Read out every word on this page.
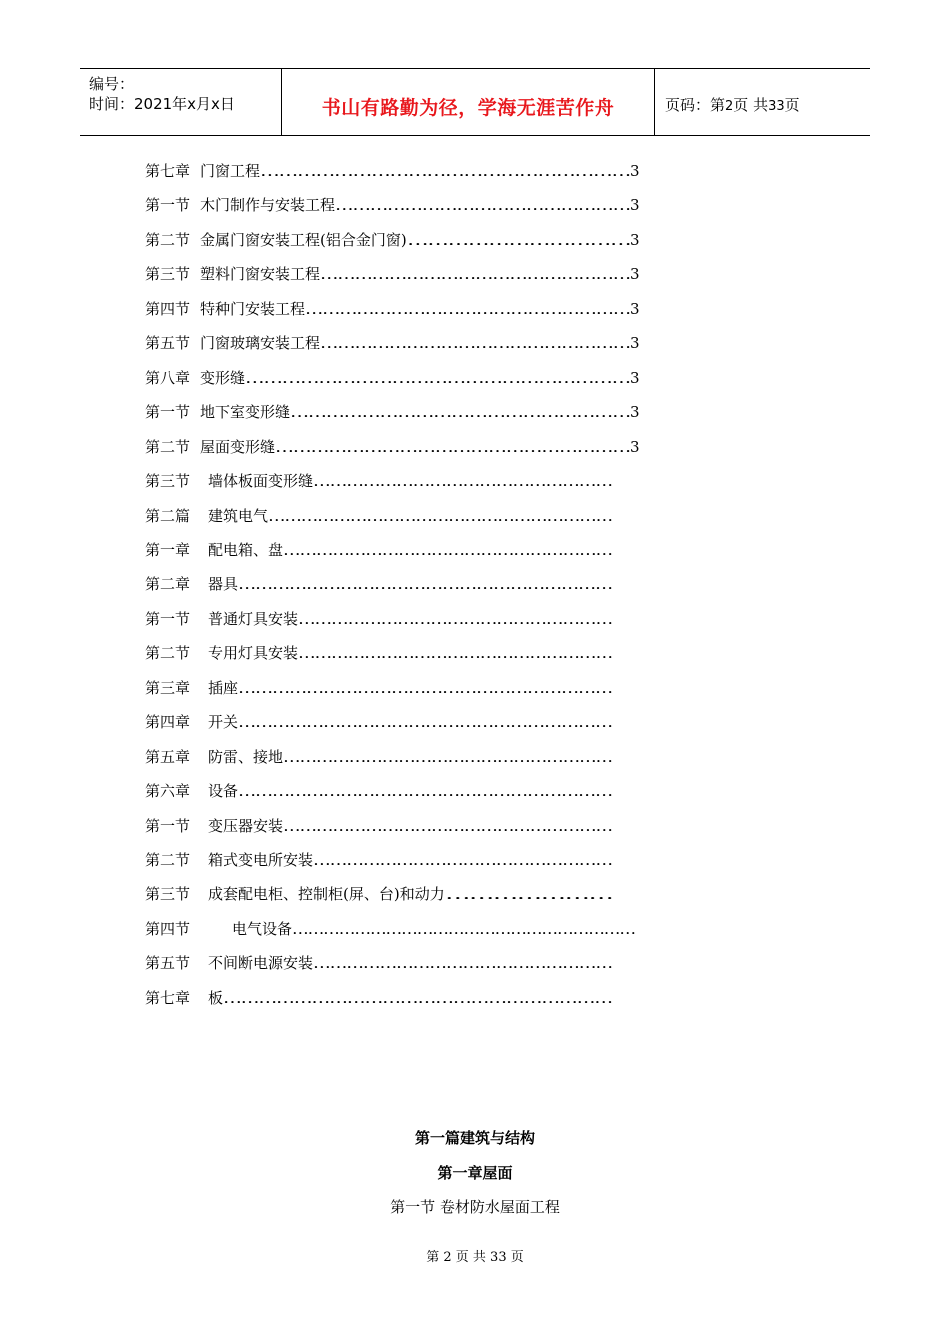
编号：
时间：2021年x月x日	书山有路勤为径，学海无涯苦作舟	页码：第2页 共33页
第七章 门窗工程……………………………………………………3
第一节 木门制作与安装工程……………………………………………3
第二节 金属门窗安装工程(铝合金门窗)……………………………3
第三节 塑料门窗安装工程………………………………………………3
第四节 特种门安装工程…………………………………………………3
第五节 门窗玻璃安装工程………………………………………………3
第八章 变形缝………………………………………………………3
第一节 地下室变形缝…………………………………………………3
第二节 屋面变形缝……………………………………………………3
第三节 墙体板面变形缝………………………………………………
第二篇 建筑电气………………………………………………………
第一章 配电箱、盘……………………………………………………
第二章 器具…………………………………………………………
第一节 普通灯具安装…………………………………………………
第二节 专用灯具安装…………………………………………………
第三章 插座…………………………………………………………
第四章 开关…………………………………………………………
第五章 防雷、接地……………………………………………………
第六章 设备…………………………………………………………
第一节 变压器安装……………………………………………………
第二节 箱式变电所安装………………………………………………
第三节 成套配电柜、控制柜(屏、台)和动力…………………
第四节	电气设备…………………………………………………………
第五节 不间断电源安装………………………………………………
第七章 板…………………………………………………………
第一篇建筑与结构
第一章屋面
第一节 卷材防水屋面工程
第 2 页 共 33 页
